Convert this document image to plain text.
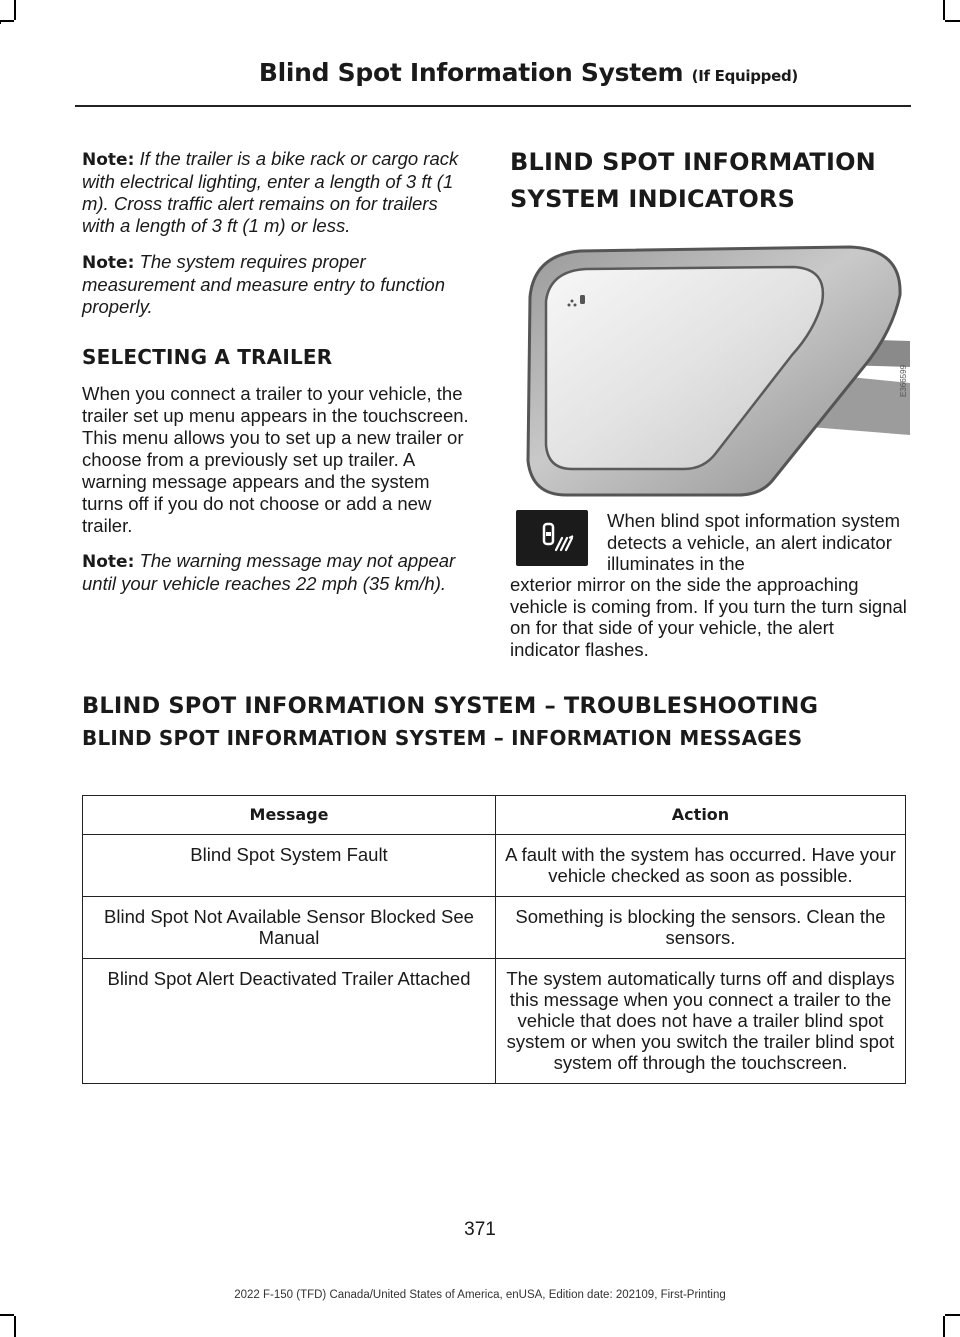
Blind Spot Information System (If Equipped)

Note: If the trailer is a bike rack or cargo rack with electrical lighting, enter a length of 3 ft (1 m). Cross traffic alert remains on for trailers with a length of 3 ft (1 m) or less.

Note: The system requires proper measurement and measure entry to function properly.

SELECTING A TRAILER

When you connect a trailer to your vehicle, the trailer set up menu appears in the touchscreen. This menu allows you to set up a new trailer or choose from a previously set up trailer. A warning message appears and the system turns off if you do not choose or add a new trailer.

Note: The warning message may not appear until your vehicle reaches 22 mph (35 km/h).

BLIND SPOT INFORMATION
SYSTEM INDICATORS
E366599

When blind spot information system detects a vehicle, an alert indicator illuminates in the

exterior mirror on the side the approaching vehicle is coming from. If you turn the turn signal on for that side of your vehicle, the alert indicator flashes.

BLIND SPOT INFORMATION SYSTEM – TROUBLESHOOTING
BLIND SPOT INFORMATION SYSTEM – INFORMATION MESSAGES
Message	Action
Blind Spot System Fault	A fault with the system has occurred. Have your vehicle checked as soon as possible.
Blind Spot Not Available Sensor Blocked See Manual	Something is blocking the sensors. Clean the sensors.
Blind Spot Alert Deactivated Trailer Attached	The system automatically turns off and displays this message when you connect a trailer to the vehicle that does not have a trailer blind spot system or when you switch the trailer blind spot system off through the touchscreen.
371
2022 F-150 (TFD) Canada/United States of America, enUSA, Edition date: 202109, First-Printing
